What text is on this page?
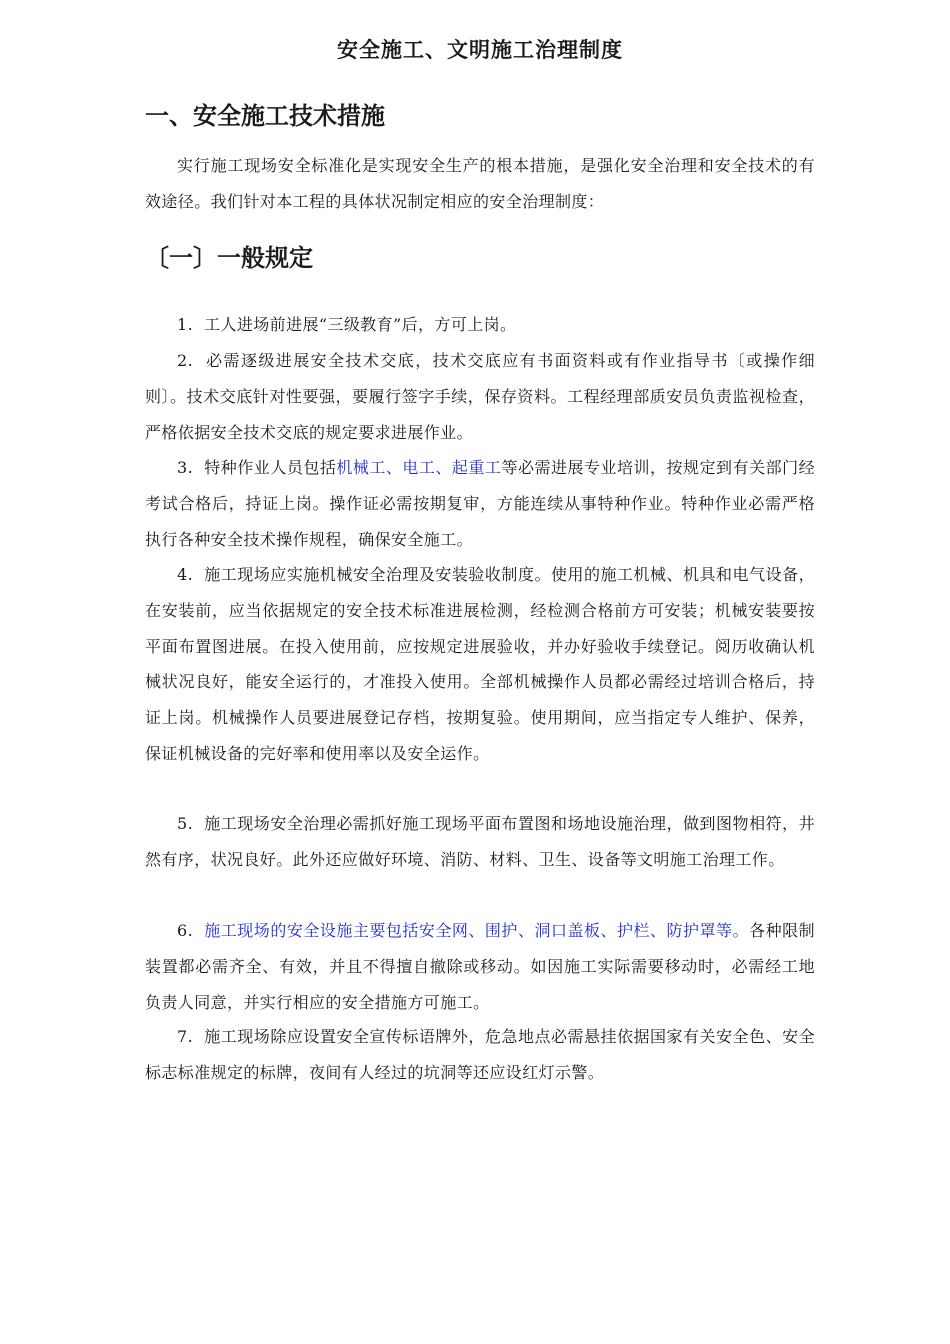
安全施工、文明施工治理制度
一、安全施工技术措施

实行施工现场安全标准化是实现安全生产的根本措施，是强化安全治理和安全技术的有效途径。我们针对本工程的具体状况制定相应的安全治理制度：

〔一〕一般规定

1. 工人进场前进展“三级教育”后，方可上岗。

2. 必需逐级进展安全技术交底，技术交底应有书面资料或有作业指导书〔或操作细则〕。技术交底针对性要强，要履行签字手续，保存资料。工程经理部质安员负责监视检查，严格依据安全技术交底的规定要求进展作业。

3. 特种作业人员包括机械工、电工、起重工等必需进展专业培训，按规定到有关部门经考试合格后，持证上岗。操作证必需按期复审，方能连续从事特种作业。特种作业必需严格执行各种安全技术操作规程，确保安全施工。

4. 施工现场应实施机械安全治理及安装验收制度。使用的施工机械、机具和电气设备，在安装前，应当依据规定的安全技术标准进展检测，经检测合格前方可安装；机械安装要按平面布置图进展。在投入使用前，应按规定进展验收，并办好验收手续登记。阅历收确认机械状况良好，能安全运行的，才准投入使用。全部机械操作人员都必需经过培训合格后，持证上岗。机械操作人员要进展登记存档，按期复验。使用期间，应当指定专人维护、保养，保证机械设备的完好率和使用率以及安全运作。

5. 施工现场安全治理必需抓好施工现场平面布置图和场地设施治理，做到图物相符，井然有序，状况良好。此外还应做好环境、消防、材料、卫生、设备等文明施工治理工作。

6. 施工现场的安全设施主要包括安全网、围护、洞口盖板、护栏、防护罩等。各种限制装置都必需齐全、有效，并且不得擅自撤除或移动。如因施工实际需要移动时，必需经工地负责人同意，并实行相应的安全措施方可施工。

7. 施工现场除应设置安全宣传标语牌外，危急地点必需悬挂依据国家有关安全色、安全标志标准规定的标牌，夜间有人经过的坑洞等还应设红灯示警。
